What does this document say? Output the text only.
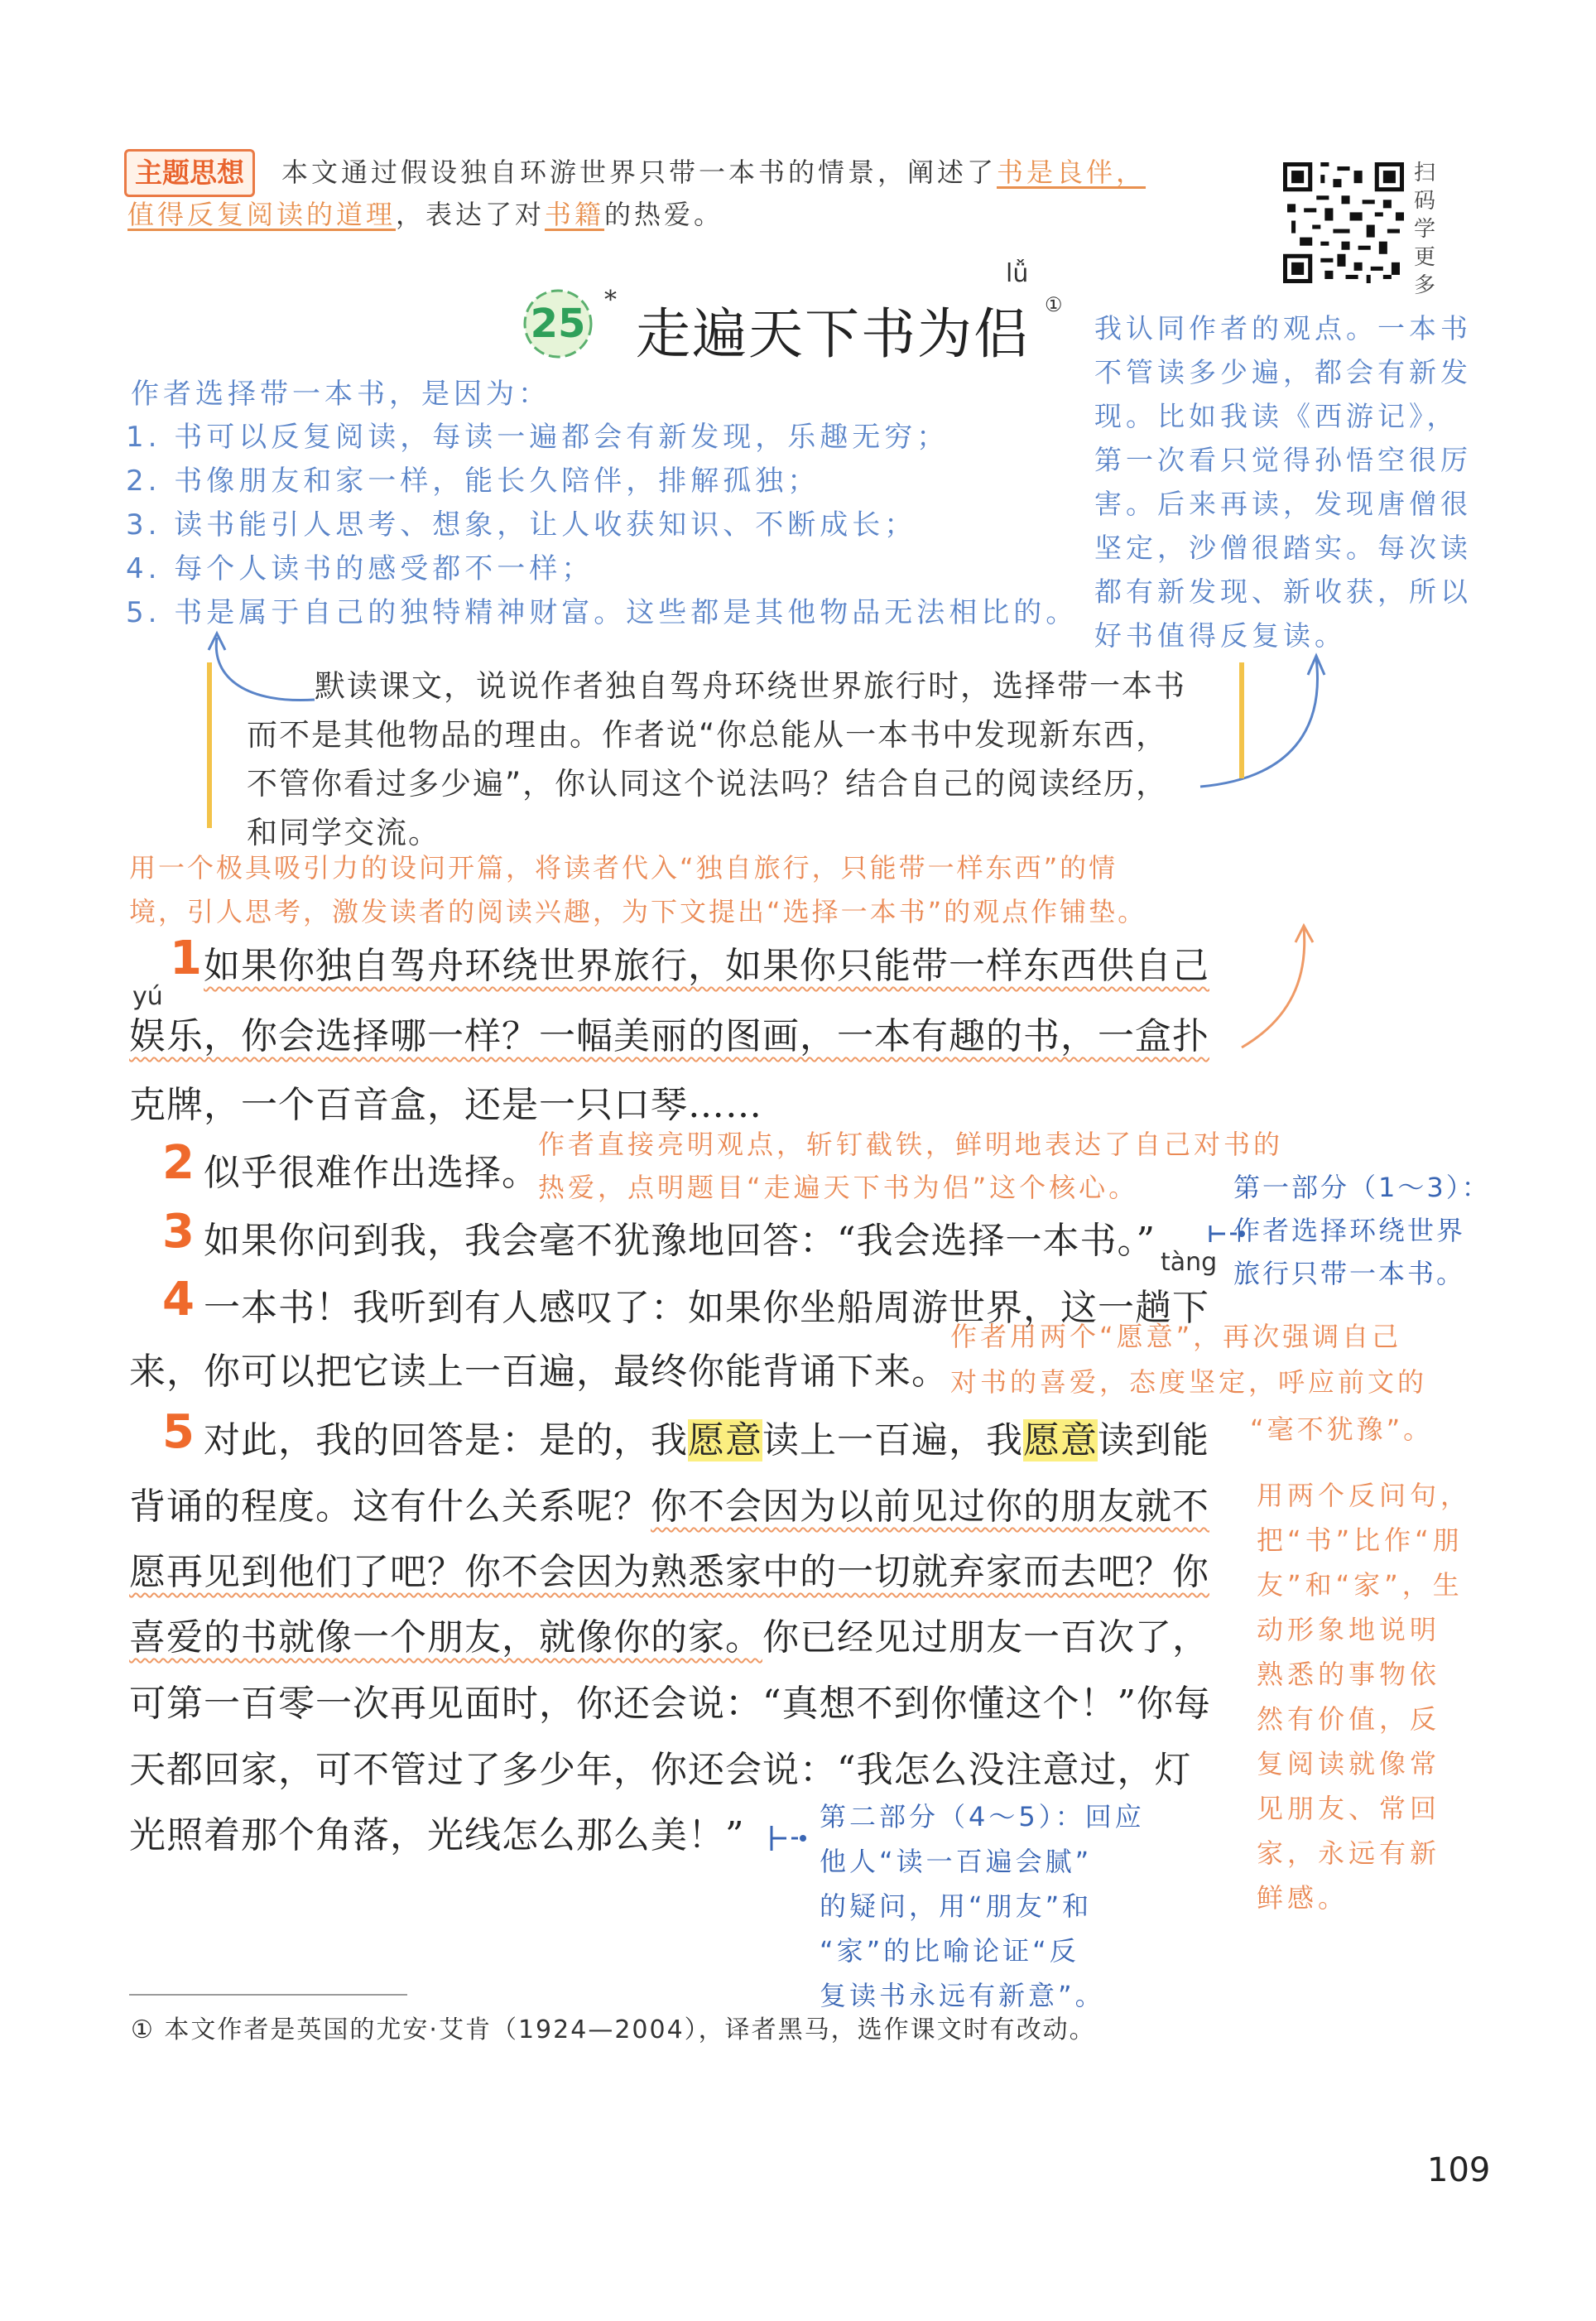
主题思想	本文通过假设独自环游世界只带一本书的情景，阐述了书是良伴，
值得反复阅读的道理，表达了对书籍的热爱。
扫码学更多
25
*
lǚ
走遍天下书为侣 ①
作者选择带一本书，是因为：
1. 书可以反复阅读，每读一遍都会有新发现，乐趣无穷；
2. 书像朋友和家一样，能长久陪伴，排解孤独；
3. 读书能引人思考、想象，让人收获知识、不断成长；
4. 每个人读书的感受都不一样；
5. 书是属于自己的独特精神财富。这些都是其他物品无法相比的。
我认同作者的观点。一本书
不管读多少遍，都会有新发
现。比如我读《西游记》，
第一次看只觉得孙悟空很厉
害。后来再读，发现唐僧很
坚定，沙僧很踏实。每次读
都有新发现、新收获，所以
好书值得反复读。
默读课文，说说作者独自驾舟环绕世界旅行时，选择带一本书
而不是其他物品的理由。作者说“你总能从一本书中发现新东西，
不管你看过多少遍”，你认同这个说法吗？结合自己的阅读经历，
和同学交流。
用一个极具吸引力的设问开篇，将读者代入“独自旅行，只能带一样东西”的情
境，引人思考，激发读者的阅读兴趣，为下文提出“选择一本书”的观点作铺垫。
1 如果你独自驾舟环绕世界旅行，如果你只能带一样东西供自己
yú
娱乐，你会选择哪一样？一幅美丽的图画，一本有趣的书，一盒扑
克牌，一个百音盒，还是一只口琴……
2 似乎很难作出选择。
作者直接亮明观点，斩钉截铁，鲜明地表达了自己对书的
热爱，点明题目“走遍天下书为侣”这个核心。	第一部分（1～3）：
作者选择环绕世界
旅行只带一本书。
3 如果你问到我，我会毫不犹豫地回答：“我会选择一本书。”
tàng
4 一本书！我听到有人感叹了：如果你坐船周游世界，这一趟下
来，你可以把它读上一百遍，最终你能背诵下来。
作者用两个“愿意”，再次强调自己
对书的喜爱，态度坚定，呼应前文的
“毫不犹豫”。
5 对此，我的回答是：是的，我愿意读上一百遍，我愿意读到能
背诵的程度。这有什么关系呢？你不会因为以前见过你的朋友就不
愿再见到他们了吧？你不会因为熟悉家中的一切就弃家而去吧？你
喜爱的书就像一个朋友，就像你的家。你已经见过朋友一百次了，
可第一百零一次再见面时，你还会说：“真想不到你懂这个！”你每
天都回家，可不管过了多少年，你还会说：“我怎么没注意过，灯
光照着那个角落，光线怎么那么美！”
用两个反问句，
把“书”比作“朋
友”和“家”，生
动形象地说明
熟悉的事物依
然有价值，反
复阅读就像常
见朋友、常回
家，永远有新
鲜感。
第二部分（4～5）：回应
他人“读一百遍会腻”
的疑问，用“朋友”和
“家”的比喻论证“反
复读书永远有新意”。
① 本文作者是英国的尤安·艾肯（1924—2004），译者黑马，选作课文时有改动。
109
